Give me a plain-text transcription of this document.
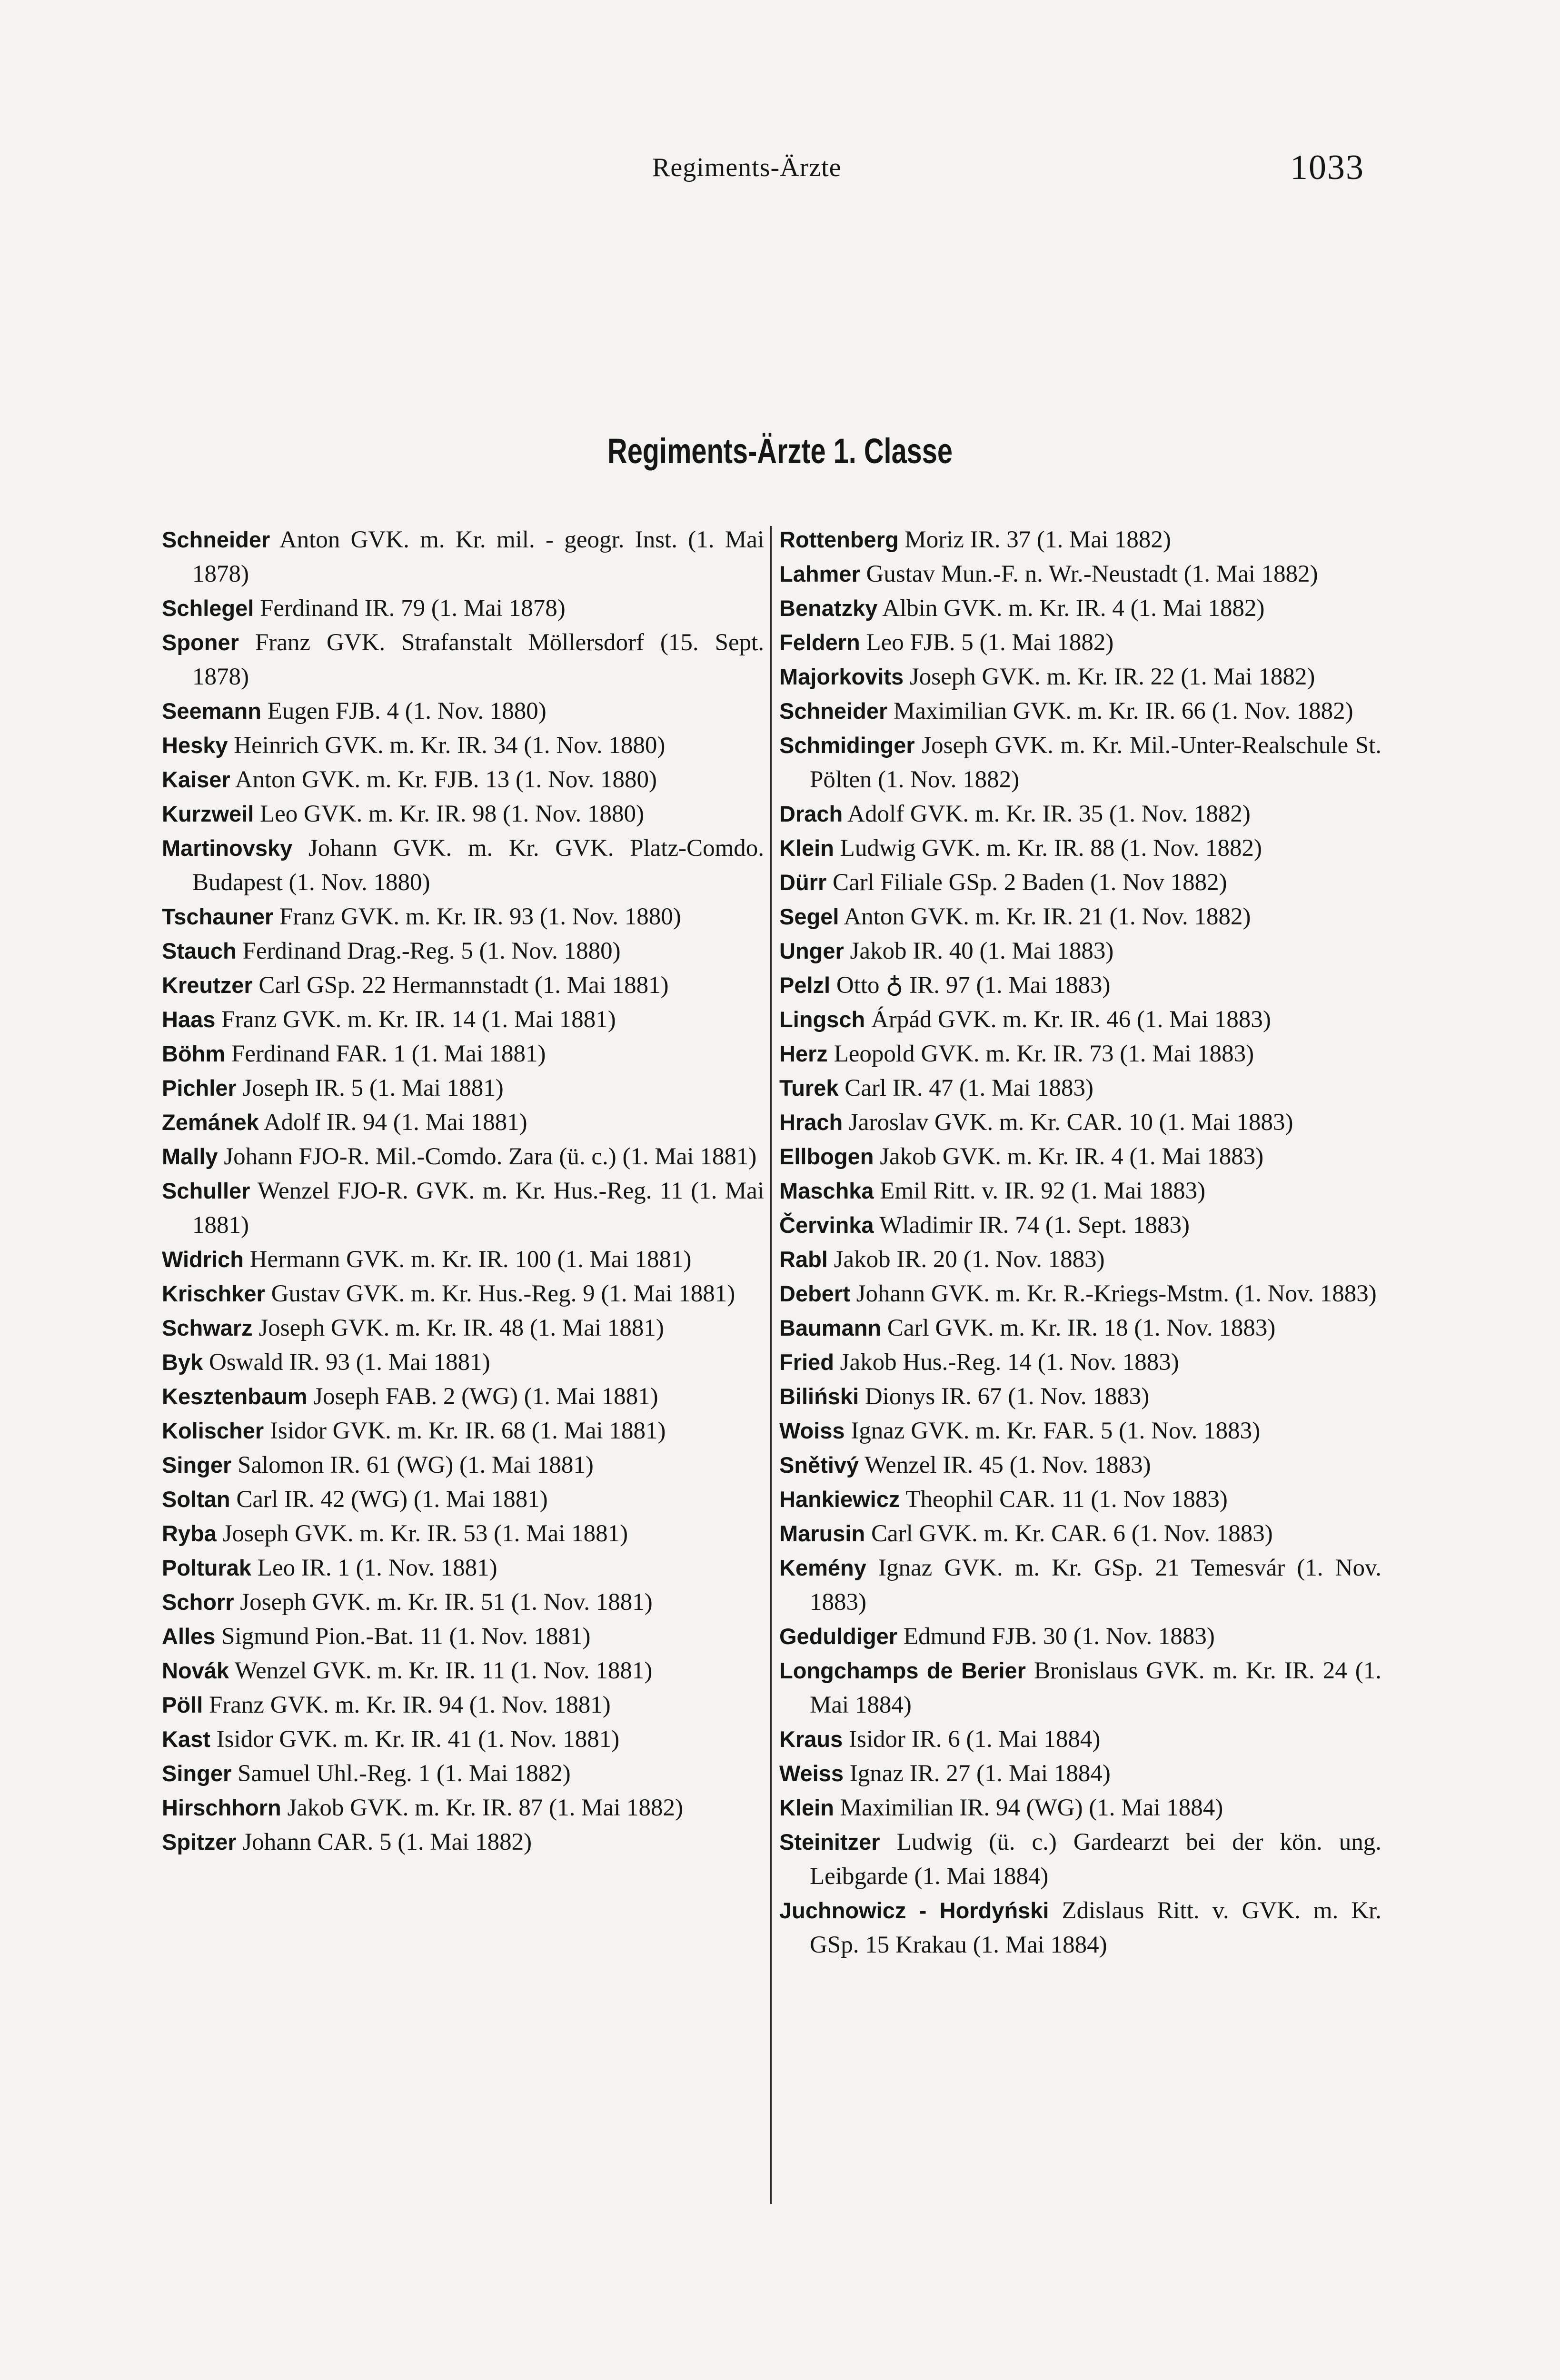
Regiments-Ärzte	1033
Regiments-Ärzte 1. Classe
Schneider Anton GVK. m. Kr. mil. - geogr. Inst. (1. Mai 1878)
Schlegel Ferdinand IR. 79 (1. Mai 1878)
Sponer Franz GVK. Strafanstalt Möllersdorf (15. Sept. 1878)
Seemann Eugen FJB. 4 (1. Nov. 1880)
Hesky Heinrich GVK. m. Kr. IR. 34 (1. Nov. 1880)
Kaiser Anton GVK. m. Kr. FJB. 13 (1. Nov. 1880)
Kurzweil Leo GVK. m. Kr. IR. 98 (1. Nov. 1880)
Martinovsky Johann GVK. m. Kr. GVK. Platz-Comdo. Budapest (1. Nov. 1880)
Tschauner Franz GVK. m. Kr. IR. 93 (1. Nov. 1880)
Stauch Ferdinand Drag.-Reg. 5 (1. Nov. 1880)
Kreutzer Carl GSp. 22 Hermannstadt (1. Mai 1881)
Haas Franz GVK. m. Kr. IR. 14 (1. Mai 1881)
Böhm Ferdinand FAR. 1 (1. Mai 1881)
Pichler Joseph IR. 5 (1. Mai 1881)
Zemánek Adolf IR. 94 (1. Mai 1881)
Mally Johann FJO-R. Mil.-Comdo. Zara (ü. c.) (1. Mai 1881)
Schuller Wenzel FJO-R. GVK. m. Kr. Hus.-Reg. 11 (1. Mai 1881)
Widrich Hermann GVK. m. Kr. IR. 100 (1. Mai 1881)
Krischker Gustav GVK. m. Kr. Hus.-Reg. 9 (1. Mai 1881)
Schwarz Joseph GVK. m. Kr. IR. 48 (1. Mai 1881)
Byk Oswald IR. 93 (1. Mai 1881)
Kesztenbaum Joseph FAB. 2 (WG) (1. Mai 1881)
Kolischer Isidor GVK. m. Kr. IR. 68 (1. Mai 1881)
Singer Salomon IR. 61 (WG) (1. Mai 1881)
Soltan Carl IR. 42 (WG) (1. Mai 1881)
Ryba Joseph GVK. m. Kr. IR. 53 (1. Mai 1881)
Polturak Leo IR. 1 (1. Nov. 1881)
Schorr Joseph GVK. m. Kr. IR. 51 (1. Nov. 1881)
Alles Sigmund Pion.-Bat. 11 (1. Nov. 1881)
Novák Wenzel GVK. m. Kr. IR. 11 (1. Nov. 1881)
Pöll Franz GVK. m. Kr. IR. 94 (1. Nov. 1881)
Kast Isidor GVK. m. Kr. IR. 41 (1. Nov. 1881)
Singer Samuel Uhl.-Reg. 1 (1. Mai 1882)
Hirschhorn Jakob GVK. m. Kr. IR. 87 (1. Mai 1882)
Spitzer Johann CAR. 5 (1. Mai 1882)
Rottenberg Moriz IR. 37 (1. Mai 1882)
Lahmer Gustav Mun.-F. n. Wr.-Neustadt (1. Mai 1882)
Benatzky Albin GVK. m. Kr. IR. 4 (1. Mai 1882)
Feldern Leo FJB. 5 (1. Mai 1882)
Majorkovits Joseph GVK. m. Kr. IR. 22 (1. Mai 1882)
Schneider Maximilian GVK. m. Kr. IR. 66 (1. Nov. 1882)
Schmidinger Joseph GVK. m. Kr. Mil.-Unter-Realschule St. Pölten (1. Nov. 1882)
Drach Adolf GVK. m. Kr. IR. 35 (1. Nov. 1882)
Klein Ludwig GVK. m. Kr. IR. 88 (1. Nov. 1882)
Dürr Carl Filiale GSp. 2 Baden (1. Nov 1882)
Segel Anton GVK. m. Kr. IR. 21 (1. Nov. 1882)
Unger Jakob IR. 40 (1. Mai 1883)
Pelzl Otto ♁ IR. 97 (1. Mai 1883)
Lingsch Árpád GVK. m. Kr. IR. 46 (1. Mai 1883)
Herz Leopold GVK. m. Kr. IR. 73 (1. Mai 1883)
Turek Carl IR. 47 (1. Mai 1883)
Hrach Jaroslav GVK. m. Kr. CAR. 10 (1. Mai 1883)
Ellbogen Jakob GVK. m. Kr. IR. 4 (1. Mai 1883)
Maschka Emil Ritt. v. IR. 92 (1. Mai 1883)
Červinka Wladimir IR. 74 (1. Sept. 1883)
Rabl Jakob IR. 20 (1. Nov. 1883)
Debert Johann GVK. m. Kr. R.-Kriegs-Mstm. (1. Nov. 1883)
Baumann Carl GVK. m. Kr. IR. 18 (1. Nov. 1883)
Fried Jakob Hus.-Reg. 14 (1. Nov. 1883)
Biliński Dionys IR. 67 (1. Nov. 1883)
Woiss Ignaz GVK. m. Kr. FAR. 5 (1. Nov. 1883)
Snětivý Wenzel IR. 45 (1. Nov. 1883)
Hankiewicz Theophil CAR. 11 (1. Nov 1883)
Marusin Carl GVK. m. Kr. CAR. 6 (1. Nov. 1883)
Kemény Ignaz GVK. m. Kr. GSp. 21 Temesvár (1. Nov. 1883)
Geduldiger Edmund FJB. 30 (1. Nov. 1883)
Longchamps de Berier Bronislaus GVK. m. Kr. IR. 24 (1. Mai 1884)
Kraus Isidor IR. 6 (1. Mai 1884)
Weiss Ignaz IR. 27 (1. Mai 1884)
Klein Maximilian IR. 94 (WG) (1. Mai 1884)
Steinitzer Ludwig (ü. c.) Gardearzt bei der kön. ung. Leibgarde (1. Mai 1884)
Juchnowicz - Hordyński Zdislaus Ritt. v. GVK. m. Kr. GSp. 15 Krakau (1. Mai 1884)
